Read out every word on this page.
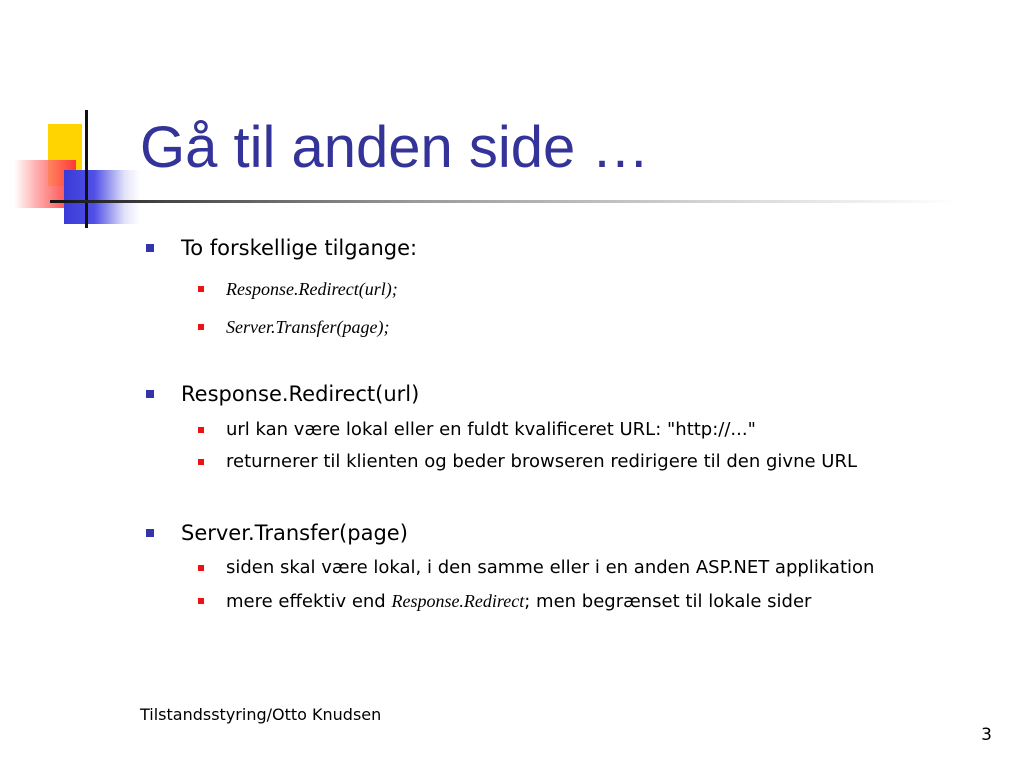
Gå til anden side …
To forskellige tilgange:
Response.Redirect(url);
Server.Transfer(page);
Response.Redirect(url)
url kan være lokal eller en fuldt kvalificeret URL: "http://..."
returnerer til klienten og beder browseren redirigere til den givne URL
Server.Transfer(page)
siden skal være lokal, i den samme eller i en anden ASP.NET applikation
mere effektiv end Response.Redirect; men begrænset til lokale sider
Tilstandsstyring/Otto Knudsen
3
